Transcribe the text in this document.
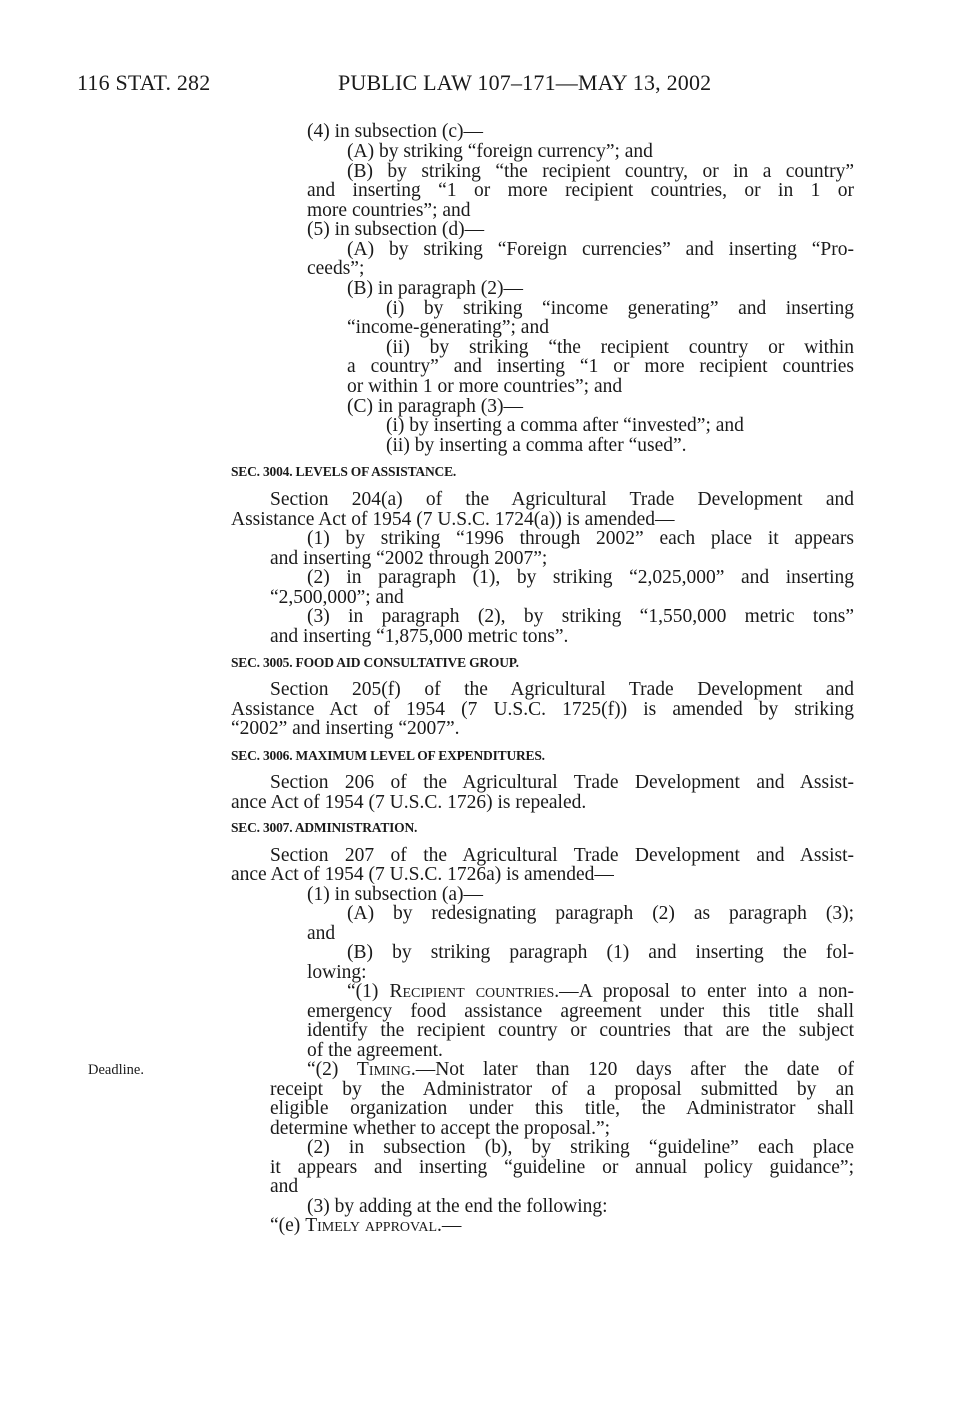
116 STAT. 282	PUBLIC LAW 107–171—MAY 13, 2002
(4) in subsection (c)—
(A) by striking “foreign currency”; and
(B) by striking “the recipient country, or in a country”
and inserting “1 or more recipient countries, or in 1 or
more countries”; and
(5) in subsection (d)—
(A) by striking “Foreign currencies” and inserting “Pro-
ceeds”;
(B) in paragraph (2)—
(i) by striking “income generating” and inserting
“income-generating”; and
(ii) by striking “the recipient country or within
a country” and inserting “1 or more recipient countries
or within 1 or more countries”; and
(C) in paragraph (3)—
(i) by inserting a comma after “invested”; and
(ii) by inserting a comma after “used”.
SEC. 3004. LEVELS OF ASSISTANCE.
Section 204(a) of the Agricultural Trade Development and
Assistance Act of 1954 (7 U.S.C. 1724(a)) is amended—
(1) by striking “1996 through 2002” each place it appears
and inserting “2002 through 2007”;
(2) in paragraph (1), by striking “2,025,000” and inserting
“2,500,000”; and
(3) in paragraph (2), by striking “1,550,000 metric tons”
and inserting “1,875,000 metric tons”.
SEC. 3005. FOOD AID CONSULTATIVE GROUP.
Section 205(f) of the Agricultural Trade Development and
Assistance Act of 1954 (7 U.S.C. 1725(f)) is amended by striking
“2002” and inserting “2007”.
SEC. 3006. MAXIMUM LEVEL OF EXPENDITURES.
Section 206 of the Agricultural Trade Development and Assist-
ance Act of 1954 (7 U.S.C. 1726) is repealed.
SEC. 3007. ADMINISTRATION.
Section 207 of the Agricultural Trade Development and Assist-
ance Act of 1954 (7 U.S.C. 1726a) is amended—
(1) in subsection (a)—
(A) by redesignating paragraph (2) as paragraph (3);
and
(B) by striking paragraph (1) and inserting the fol-
lowing:
“(1) Recipient countries.—A proposal to enter into a non-
emergency food assistance agreement under this title shall
identify the recipient country or countries that are the subject
of the agreement.
Deadline.	“(2) Timing.—Not later than 120 days after the date of
receipt by the Administrator of a proposal submitted by an
eligible organization under this title, the Administrator shall
determine whether to accept the proposal.”;
(2) in subsection (b), by striking “guideline” each place
it appears and inserting “guideline or annual policy guidance”;
and
(3) by adding at the end the following:
“(e) Timely approval.—
